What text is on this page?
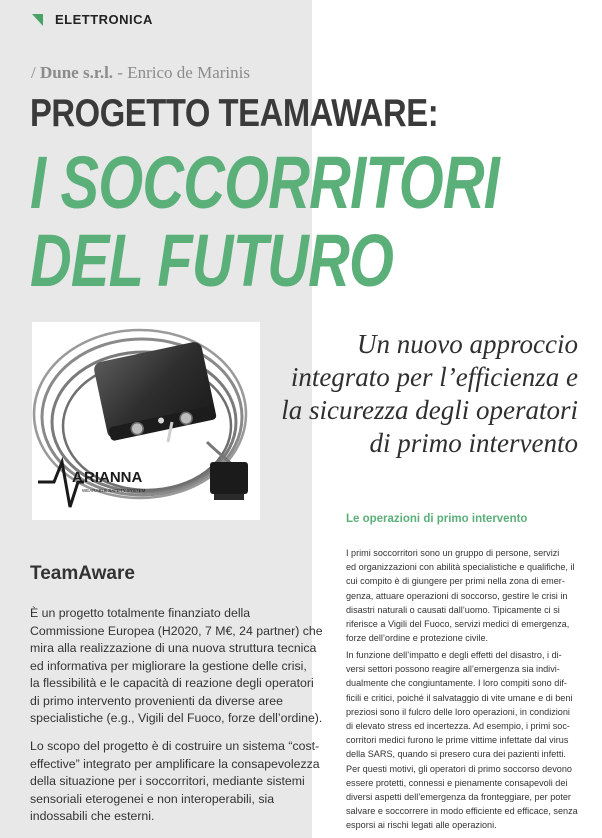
ELETTRONICA
/ Dune s.r.l. - Enrico de Marinis
PROGETTO TEAMAWARE:
I SOCCORRITORI
DEL FUTURO
A RIANNA
WEARABLE SAFETY SYSTEM
Un nuovo approccio
integrato per l’efficienza e
la sicurezza degli operatori
di primo intervento
TeamAware
È un progetto totalmente finanziato della
Commissione Europea (H2020, 7 M€, 24 partner) che
mira alla realizzazione di una nuova struttura tecnica
ed informativa per migliorare la gestione delle crisi,
la flessibilità e le capacità di reazione degli operatori
di primo intervento provenienti da diverse aree
specialistiche (e.g., Vigili del Fuoco, forze dell’ordine).
Lo scopo del progetto è di costruire un sistema “cost-
effective” integrato per amplificare la consapevolezza
della situazione per i soccorritori, mediante sistemi
sensoriali eterogenei e non interoperabili, sia
indossabili che esterni.
Le operazioni di primo intervento
I primi soccorritori sono un gruppo di persone, servizi
ed organizzazioni con abilità specialistiche e qualifiche, il
cui compito è di giungere per primi nella zona di emer-
genza, attuare operazioni di soccorso, gestire le crisi in
disastri naturali o causati dall’uomo. Tipicamente ci si
riferisce a Vigili del Fuoco, servizi medici di emergenza,
forze dell’ordine e protezione civile.
In funzione dell’impatto e degli effetti del disastro, i di-
versi settori possono reagire all’emergenza sia indivi-
dualmente che congiuntamente. I loro compiti sono dif-
ficili e critici, poiché il salvataggio di vite umane e di beni
preziosi sono il fulcro delle loro operazioni, in condizioni
di elevato stress ed incertezza. Ad esempio, i primi soc-
corritori medici furono le prime vittime infettate dal virus
della SARS, quando si presero cura dei pazienti infetti.
Per questi motivi, gli operatori di primo soccorso devono
essere protetti, connessi e pienamente consapevoli dei
diversi aspetti dell’emergenza da fronteggiare, per poter
salvare e soccorrere in modo efficiente ed efficace, senza
esporsi ai rischi legati alle operazioni.
